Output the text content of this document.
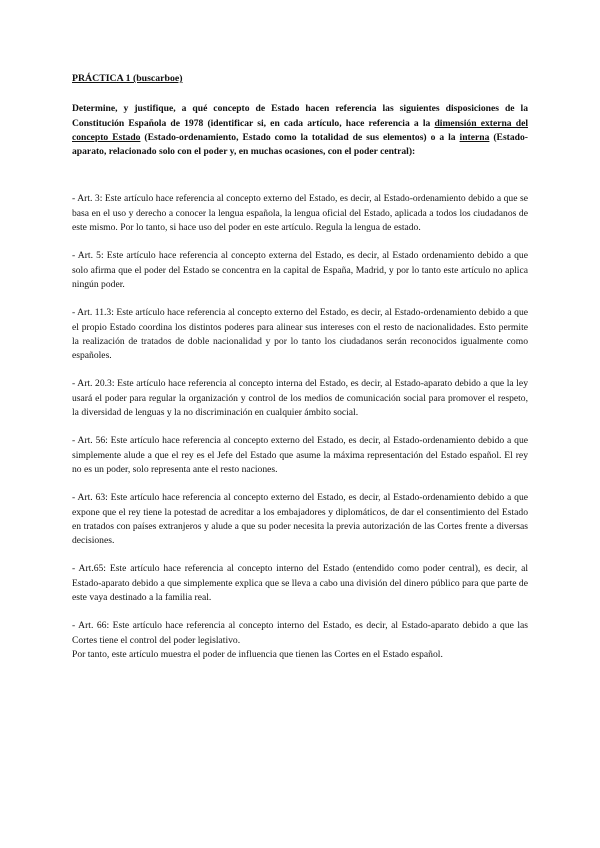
PRÁCTICA 1 (buscarboe)

Determine, y justifique, a qué concepto de Estado hacen referencia las siguientes disposiciones de la Constitución Española de 1978 (identificar si, en cada artículo, hace referencia a la dimensión externa del concepto Estado (Estado-ordenamiento, Estado como la totalidad de sus elementos) o a la interna (Estado-aparato, relacionado solo con el poder y, en muchas ocasiones, con el poder central):

- Art. 3: Este artículo hace referencia al concepto externo del Estado, es decir, al Estado-ordenamiento debido a que se basa en el uso y derecho a conocer la lengua española, la lengua oficial del Estado, aplicada a todos los ciudadanos de este mismo. Por lo tanto, si hace uso del poder en este artículo. Regula la lengua de estado.

- Art. 5: Este artículo hace referencia al concepto externa del Estado, es decir, al Estado ordenamiento debido a que solo afirma que el poder del Estado se concentra en la capital de España, Madrid, y por lo tanto este artículo no aplica ningún poder.

- Art. 11.3: Este artículo hace referencia al concepto externo del Estado, es decir, al Estado-ordenamiento debido a que el propio Estado coordina los distintos poderes para alinear sus intereses con el resto de nacionalidades. Esto permite la realización de tratados de doble nacionalidad y por lo tanto los ciudadanos serán reconocidos igualmente como españoles.

- Art. 20.3: Este artículo hace referencia al concepto interna del Estado, es decir, al Estado-aparato debido a que la ley usará el poder para regular la organización y control de los medios de comunicación social para promover el respeto, la diversidad de lenguas y la no discriminación en cualquier ámbito social.

- Art. 56: Este artículo hace referencia al concepto externo del Estado, es decir, al Estado-ordenamiento debido a que simplemente alude a que el rey es el Jefe del Estado que asume la máxima representación del Estado español. El rey no es un poder, solo representa ante el resto naciones.

- Art. 63: Este artículo hace referencia al concepto externo del Estado, es decir, al Estado-ordenamiento debido a que expone que el rey tiene la potestad de acreditar a los embajadores y diplomáticos, de dar el consentimiento del Estado en tratados con países extranjeros y alude a que su poder necesita la previa autorización de las Cortes frente a diversas decisiones.

- Art.65: Este artículo hace referencia al concepto interno del Estado (entendido como poder central), es decir, al Estado-aparato debido a que simplemente explica que se lleva a cabo una división del dinero público para que parte de este vaya destinado a la familia real.

- Art. 66: Este artículo hace referencia al concepto interno del Estado, es decir, al Estado-aparato debido a que las Cortes tiene el control del poder legislativo.

Por tanto, este artículo muestra el poder de influencia que tienen las Cortes en el Estado español.
